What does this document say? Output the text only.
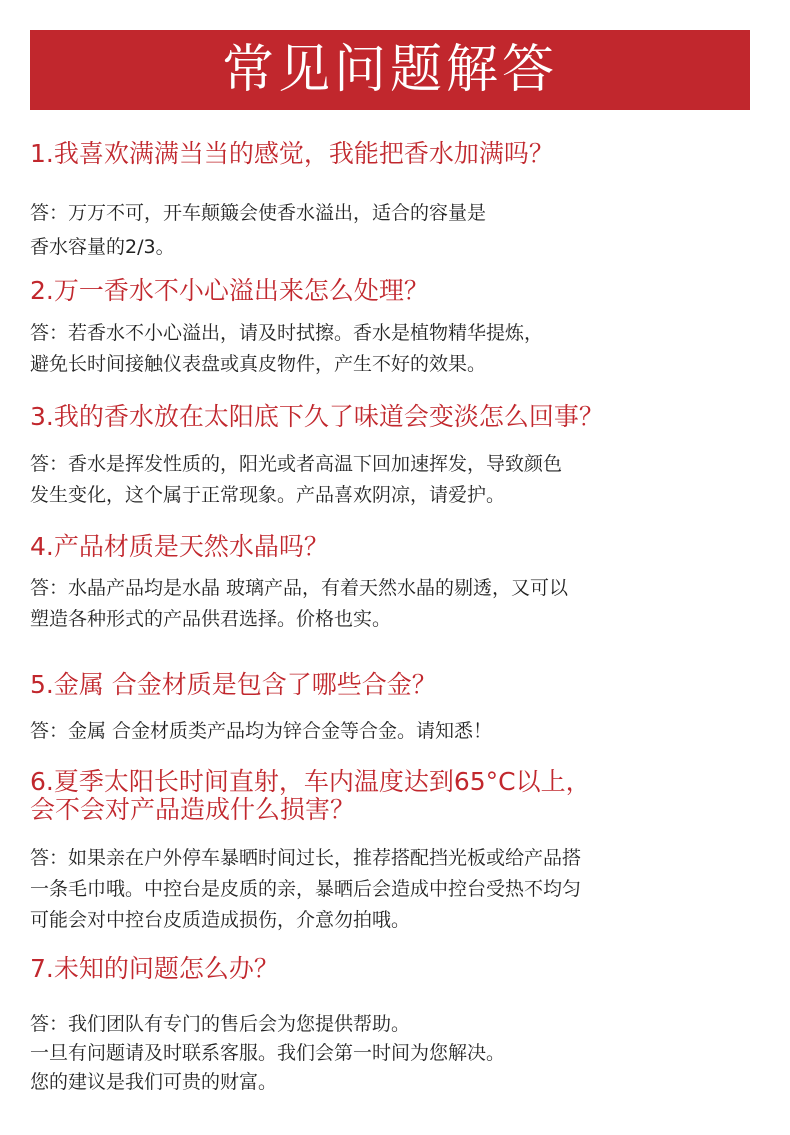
常见问题解答
1.我喜欢满满当当的感觉，我能把香水加满吗？
答：万万不可，开车颠簸会使香水溢出，适合的容量是
香水容量的2/3。
2.万一香水不小心溢出来怎么处理？
答：若香水不小心溢出，请及时拭擦。香水是植物精华提炼，
避免长时间接触仪表盘或真皮物件，产生不好的效果。
3.我的香水放在太阳底下久了味道会变淡怎么回事？
答：香水是挥发性质的，阳光或者高温下回加速挥发，导致颜色
发生变化，这个属于正常现象。产品喜欢阴凉，请爱护。
4.产品材质是天然水晶吗？
答：水晶产品均是水晶 玻璃产品，有着天然水晶的剔透，又可以
塑造各种形式的产品供君选择。价格也实。
5.金属 合金材质是包含了哪些合金？
答：金属 合金材质类产品均为锌合金等合金。请知悉！
6.夏季太阳长时间直射，车内温度达到65°C以上，
会不会对产品造成什么损害？
答：如果亲在户外停车暴晒时间过长，推荐搭配挡光板或给产品搭
一条毛巾哦。中控台是皮质的亲，暴晒后会造成中控台受热不均匀
可能会对中控台皮质造成损伤，介意勿拍哦。
7.未知的问题怎么办？
答：我们团队有专门的售后会为您提供帮助。
一旦有问题请及时联系客服。我们会第一时间为您解决。
您的建议是我们可贵的财富。
